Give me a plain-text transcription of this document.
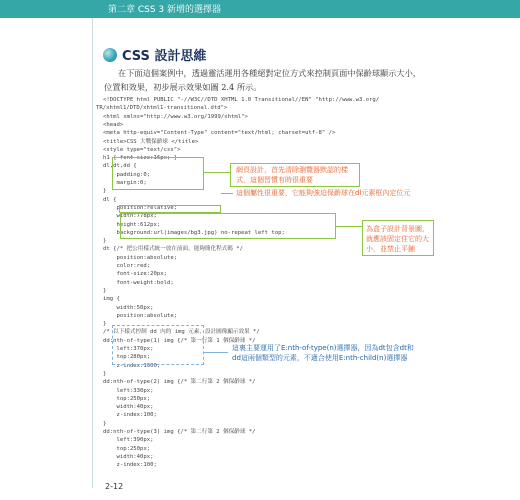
第二章 CSS 3 新增的選擇器
CSS 設計思維
在下面這個案例中，透過靈活運用各種絕對定位方式來控制頁面中保齡球顯示大小，

位置和效果，初步展示效果如圖 2.4 所示。
<!DOCTYPE html PUBLIC "-//W3C//DTD XHTML 1.0 Transitional//EN" "http://www.w3.org/
TR/xhtml1/DTD/xhtml1-transitional.dtd">
<html xmlns="http://www.w3.org/1999/xhtml">
<head>
<meta http-equiv="Content-Type" content="text/html; charset=utf-8" />
<title>CSS 大戰保齡球 </title>
<style type="text/css">
h1 { font-size:16px; }
dl,dt,dd {
padding:0;
margin:0;
}
dl {
position:relative;
width:778px;
height:612px;
background:url(images/bg3.jpg) no-repeat left top;
}
dt {/* 把公用樣式統一放在前面，能夠簡化程式碼 */
position:absolute;
color:red;
font-size:20px;
font-weight:bold;
}
img {
width:50px;
position:absolute;
}
/* 以下樣式控制 dd 內的 img 元素，設計圖像顯示效果 */
dd:nth-of-type(1) img {/* 第一行第 1 個保齡球 */
left:370px;
top:280px;
z-index:1000;
}
dd:nth-of-type(2) img {/* 第二行第 2 個保齡球 */
left:330px;
top:250px;
width:40px;
z-index:100;
}
dd:nth-of-type(3) img {/* 第二行第 2 個保齡球 */
left:390px;
top:250px;
width:40px;
z-index:100;
網頁設計，首先清除瀏覽器默認的樣式，這個習慣有時很重要
這個屬性很重要，它能夠強迫保齡球在dl元素框內定位元
為盒子設計背景圖，就應該固定住它的大小，並禁止平鋪
這裏主要運用了E:nth-of-type(n)選擇器，因為dt包含dt和dd這兩個類型的元素，不適合使用E:nth-child(n)選擇器
2-12
